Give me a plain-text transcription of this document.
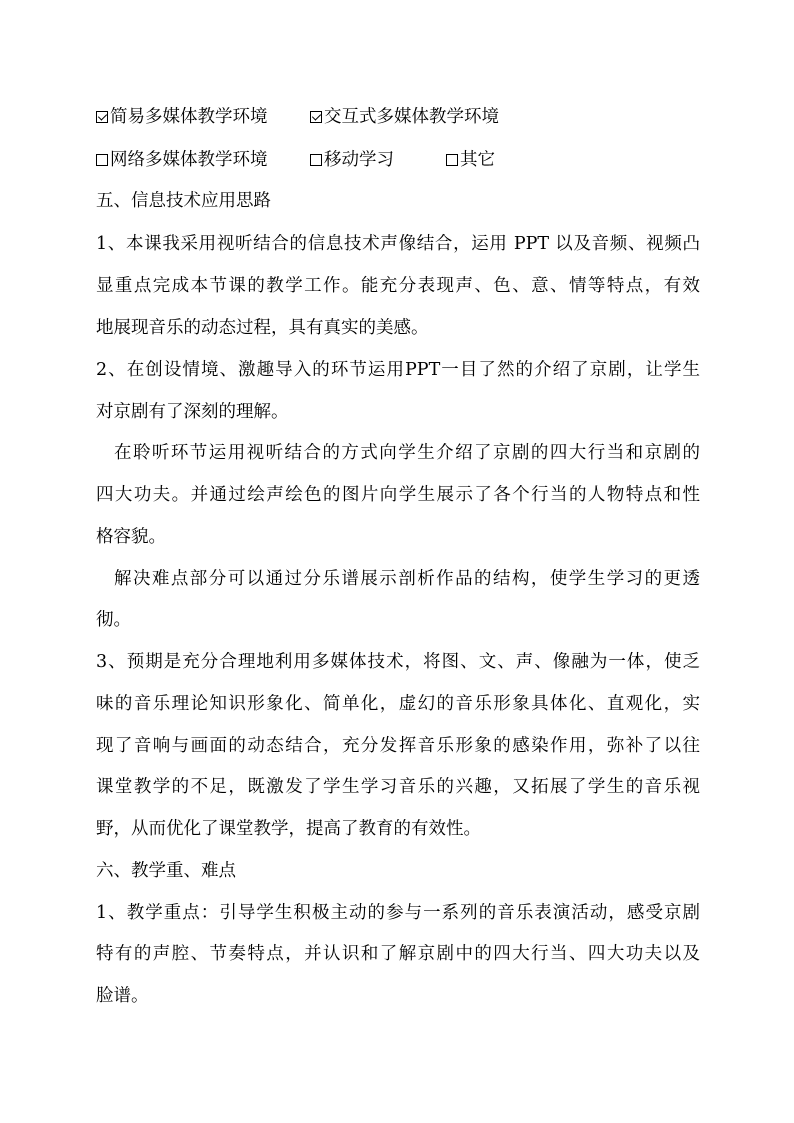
简易多媒体教学环境	交互式多媒体教学环境
网络多媒体教学环境	移动学习	其它
五、信息技术应用思路
1、本课我采用视听结合的信息技术声像结合，运用 PPT 以及音频、视频凸
显重点完成本节课的教学工作。能充分表现声、色、意、情等特点，有效
地展现音乐的动态过程，具有真实的美感。
2、在创设情境、激趣导入的环节运用PPT一目了然的介绍了京剧，让学生
对京剧有了深刻的理解。
在聆听环节运用视听结合的方式向学生介绍了京剧的四大行当和京剧的
四大功夫。并通过绘声绘色的图片向学生展示了各个行当的人物特点和性
格容貌。
解决难点部分可以通过分乐谱展示剖析作品的结构，使学生学习的更透
彻。
3、预期是充分合理地利用多媒体技术，将图、文、声、像融为一体，使乏
味的音乐理论知识形象化、简单化，虚幻的音乐形象具体化、直观化，实
现了音响与画面的动态结合，充分发挥音乐形象的感染作用，弥补了以往
课堂教学的不足，既激发了学生学习音乐的兴趣，又拓展了学生的音乐视
野，从而优化了课堂教学，提高了教育的有效性。
六、教学重、难点
1、教学重点：引导学生积极主动的参与一系列的音乐表演活动，感受京剧
特有的声腔、节奏特点，并认识和了解京剧中的四大行当、四大功夫以及
脸谱。
